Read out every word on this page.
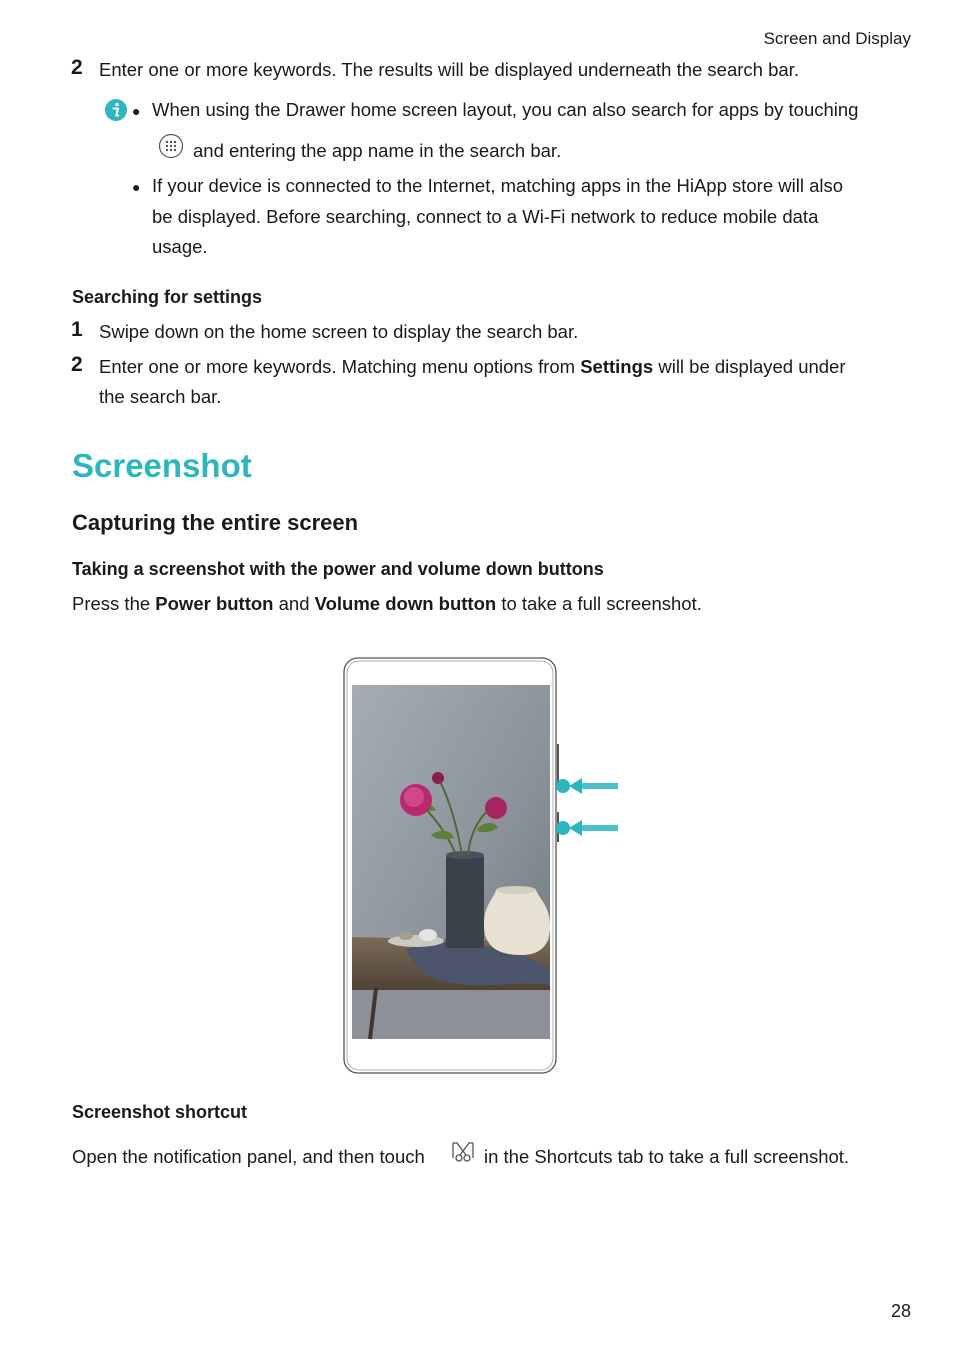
Screen and Display
2 Enter one or more keywords. The results will be displayed underneath the search bar.
● When using the Drawer home screen layout, you can also search for apps by touching
and entering the app name in the search bar.
● If your device is connected to the Internet, matching apps in the HiApp store will also
be displayed. Before searching, connect to a Wi-Fi network to reduce mobile data
usage.
Searching for settings
1 Swipe down on the home screen to display the search bar.
2 Enter one or more keywords. Matching menu options from Settings will be displayed under
the search bar.
Screenshot
Capturing the entire screen
Taking a screenshot with the power and volume down buttons
Press the Power button and Volume down button to take a full screenshot.
Screenshot shortcut
Open the notification panel, and then touch	in the Shortcuts tab to take a full screenshot.
28
